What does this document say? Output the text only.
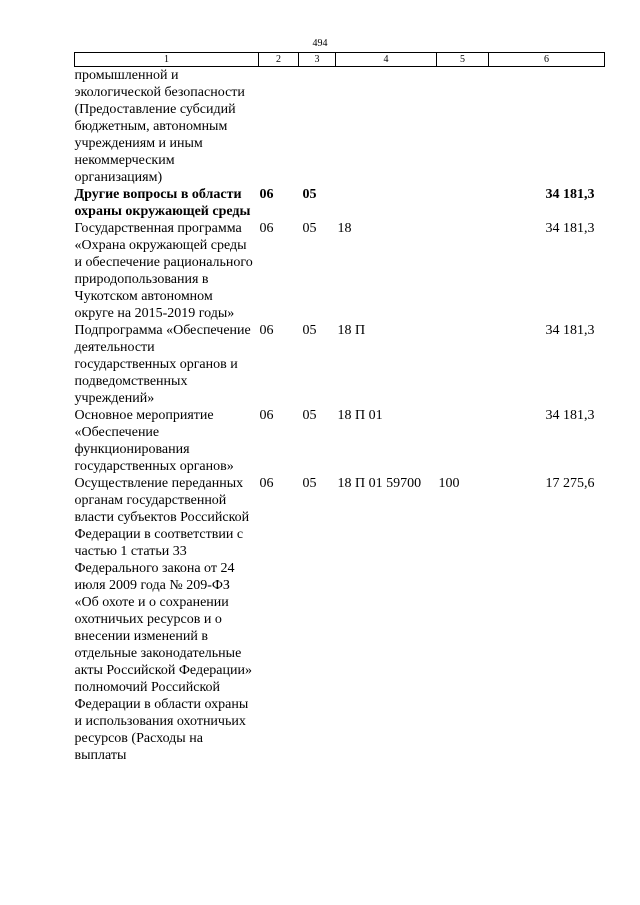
494
1	2	3	4	5	6
промышленной и экологической безопасности (Предоставление субсидий бюджетным, автономным учреждениям и иным некоммерческим организациям)					
Другие вопросы в области охраны окружающей среды	06	05			34 181,3
Государственная программа «Охрана окружающей среды и обеспечение рационального природопользования в Чукотском автономном округе на 2015-2019 годы»	06	05	18		34 181,3
Подпрограмма «Обеспечение деятельности государственных органов и подведомственных учреждений»	06	05	18 П		34 181,3
Основное мероприятие «Обеспечение функционирования государственных органов»	06	05	18 П 01		34 181,3
Осуществление переданных органам государственной власти субъектов Российской Федерации в соответствии с частью 1 статьи 33 Федерального закона от 24 июля 2009 года № 209-ФЗ «Об охоте и о сохранении охотничьих ресурсов и о внесении изменений в отдельные законодательные акты Российской Федерации» полномочий Российской Федерации в области охраны и использования охотничьих ресурсов (Расходы на выплаты	06	05	18 П 01 59700	100	17 275,6
